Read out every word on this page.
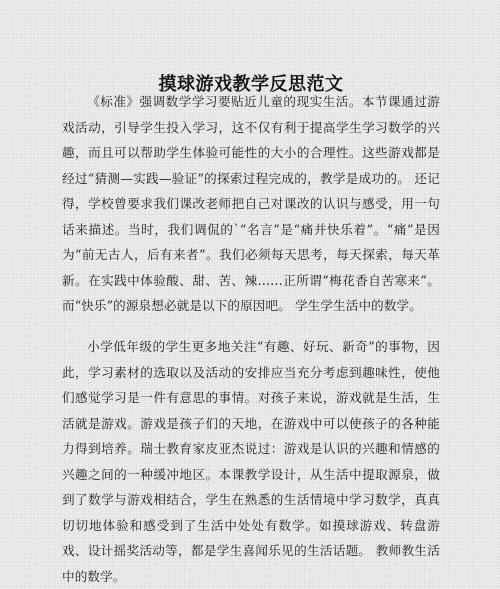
摸球游戏教学反思范文

《标准》强调数学学习要贴近儿童的现实生活。本节课通过游戏活动，引导学生投入学习，这不仅有利于提高学生学习数学的兴趣，而且可以帮助学生体验可能性的大小的合理性。这些游戏都是经过“猜测—实践—验证”的探索过程完成的，教学是成功的。 还记得，学校曾要求我们课改老师把自己对课改的认识与感受，用一句话来描述。当时，我们调侃的`“名言”是“痛并快乐着”。“痛”是因为“前无古人，后有来者”。我们必须每天思考，每天探索，每天革新。在实践中体验酸、甜、苦、辣……正所谓“梅花香自苦寒来”。而“快乐”的源泉想必就是以下的原因吧。 学生学生活中的数学。

小学低年级的学生更多地关注“有趣、好玩、新奇”的事物，因此，学习素材的选取以及活动的安排应当充分考虑到趣味性，使他们感觉学习是一件有意思的事情。对孩子来说，游戏就是生活，生活就是游戏。游戏是孩子们的天地，在游戏中可以使孩子的各种能力得到培养。瑞士教育家皮亚杰说过：游戏是认识的兴趣和情感的兴趣之间的一种缓冲地区。本课教学设计，从生活中提取源泉，做到了数学与游戏相结合，学生在熟悉的生活情境中学习数学，真真切切地体验和感受到了生活中处处有数学。如摸球游戏、转盘游戏、设计摇奖活动等，都是学生喜闻乐见的生活话题。 教师教生活中的数学。
